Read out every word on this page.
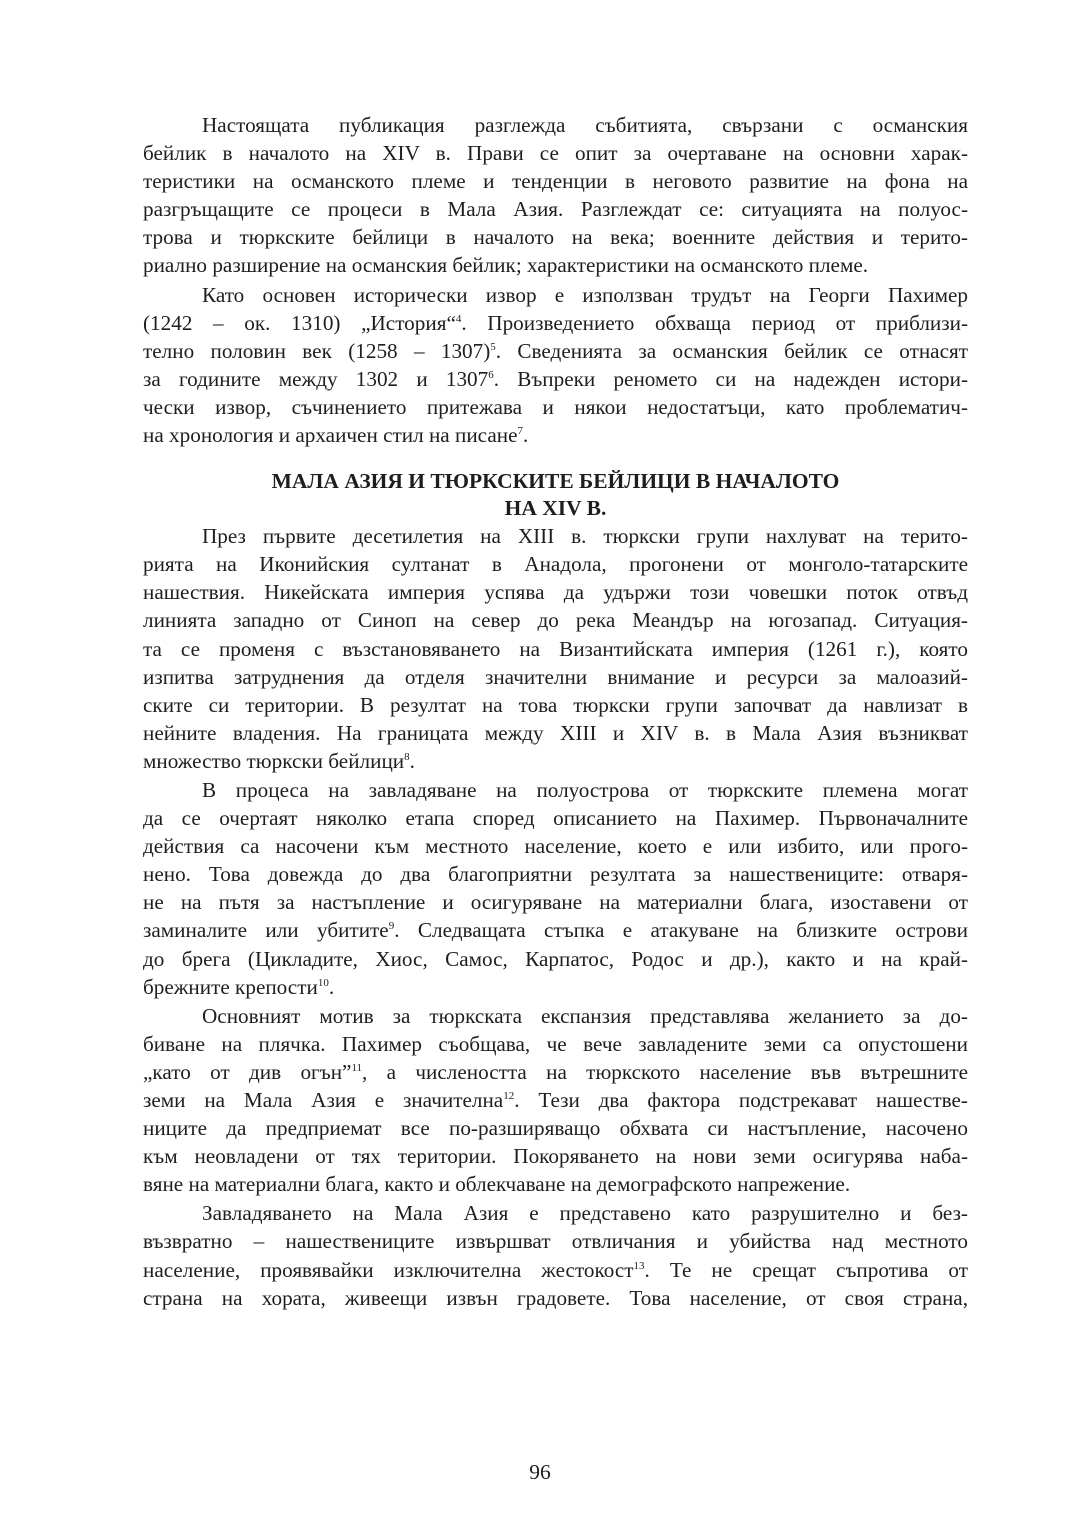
Настоящата публикация разглежда събитията, свързани с османския
бейлик в началото на XIV в. Прави се опит за очертаване на основни харак-
теристики на османското племе и тенденции в неговото развитие на фона на
разгръщащите се процеси в Мала Азия. Разглеждат се: ситуацията на полуос-
трова и тюркските бейлици в началото на века; военните действия и терито-
риално разширение на османския бейлик; характеристики на османското племе.

Като основен исторически извор е използван трудът на Георги Пахимер
(1242 – ок. 1310) „История“$^4$. Произведението обхваща период от приблизи-
телно половин век (1258 – 1307)$^5$. Сведенията за османския бейлик се отнасят
за годините между 1302 и 1307$^6$. Въпреки реномето си на надежден истори-
чески извор, съчинението притежава и някои недостатъци, като проблематич-
на хронология и архаичен стил на писане$^7$.

МАЛА АЗИЯ И ТЮРКСКИТЕ БЕЙЛИЦИ В НАЧАЛОТО
НА XIV В.

През първите десетилетия на XIII в. тюркски групи нахлуват на терито-
рията на Иконийския султанат в Анадола, прогонени от монголо-татарските
нашествия. Никейската империя успява да удържи този човешки поток отвъд
линията западно от Синоп на север до река Меандър на югозапад. Ситуация-
та се променя с възстановяването на Византийската империя (1261 г.), която
изпитва затруднения да отделя значителни внимание и ресурси за малоазий-
ските си територии. В резултат на това тюркски групи започват да навлизат в
нейните владения. На границата между XIII и XIV в. в Мала Азия възникват
множество тюркски бейлици$^8$.

В процеса на завладяване на полуострова от тюркските племена могат
да се очертаят няколко етапа според описанието на Пахимер. Първоначалните
действия са насочени към местното население, което е или избито, или прого-
нено. Това довежда до два благоприятни резултата за нашествениците: отваря-
не на пътя за настъпление и осигуряване на материални блага, изоставени от
заминалите или убитите$^9$. Следващата стъпка е атакуване на близките острови
до брега (Цикладите, Хиос, Самос, Карпатос, Родос и др.), както и на край-
брежните крепости$^{10}$.

Основният мотив за тюркската експанзия представлява желанието за до-
биване на плячка. Пахимер съобщава, че вече завладените земи са опустошени
„като от див огън”$^{11}$, а числеността на тюркското население във вътрешните
земи на Мала Азия е значителна$^{12}$. Тези два фактора подстрекават нашестве-
ниците да предприемат все по-разширяващо обхвата си настъпление, насочено
към неовладени от тях територии. Покоряването на нови земи осигурява наба-
вяне на материални блага, както и облекчаване на демографското напрежение.

Завладяването на Мала Азия е представено като разрушително и без-
възвратно – нашествениците извършват отвличания и убийства над местното
население, проявявайки изключителна жестокост$^{13}$. Те не срещат съпротива от
страна на хората, живеещи извън градовете. Това население, от своя страна,

96
